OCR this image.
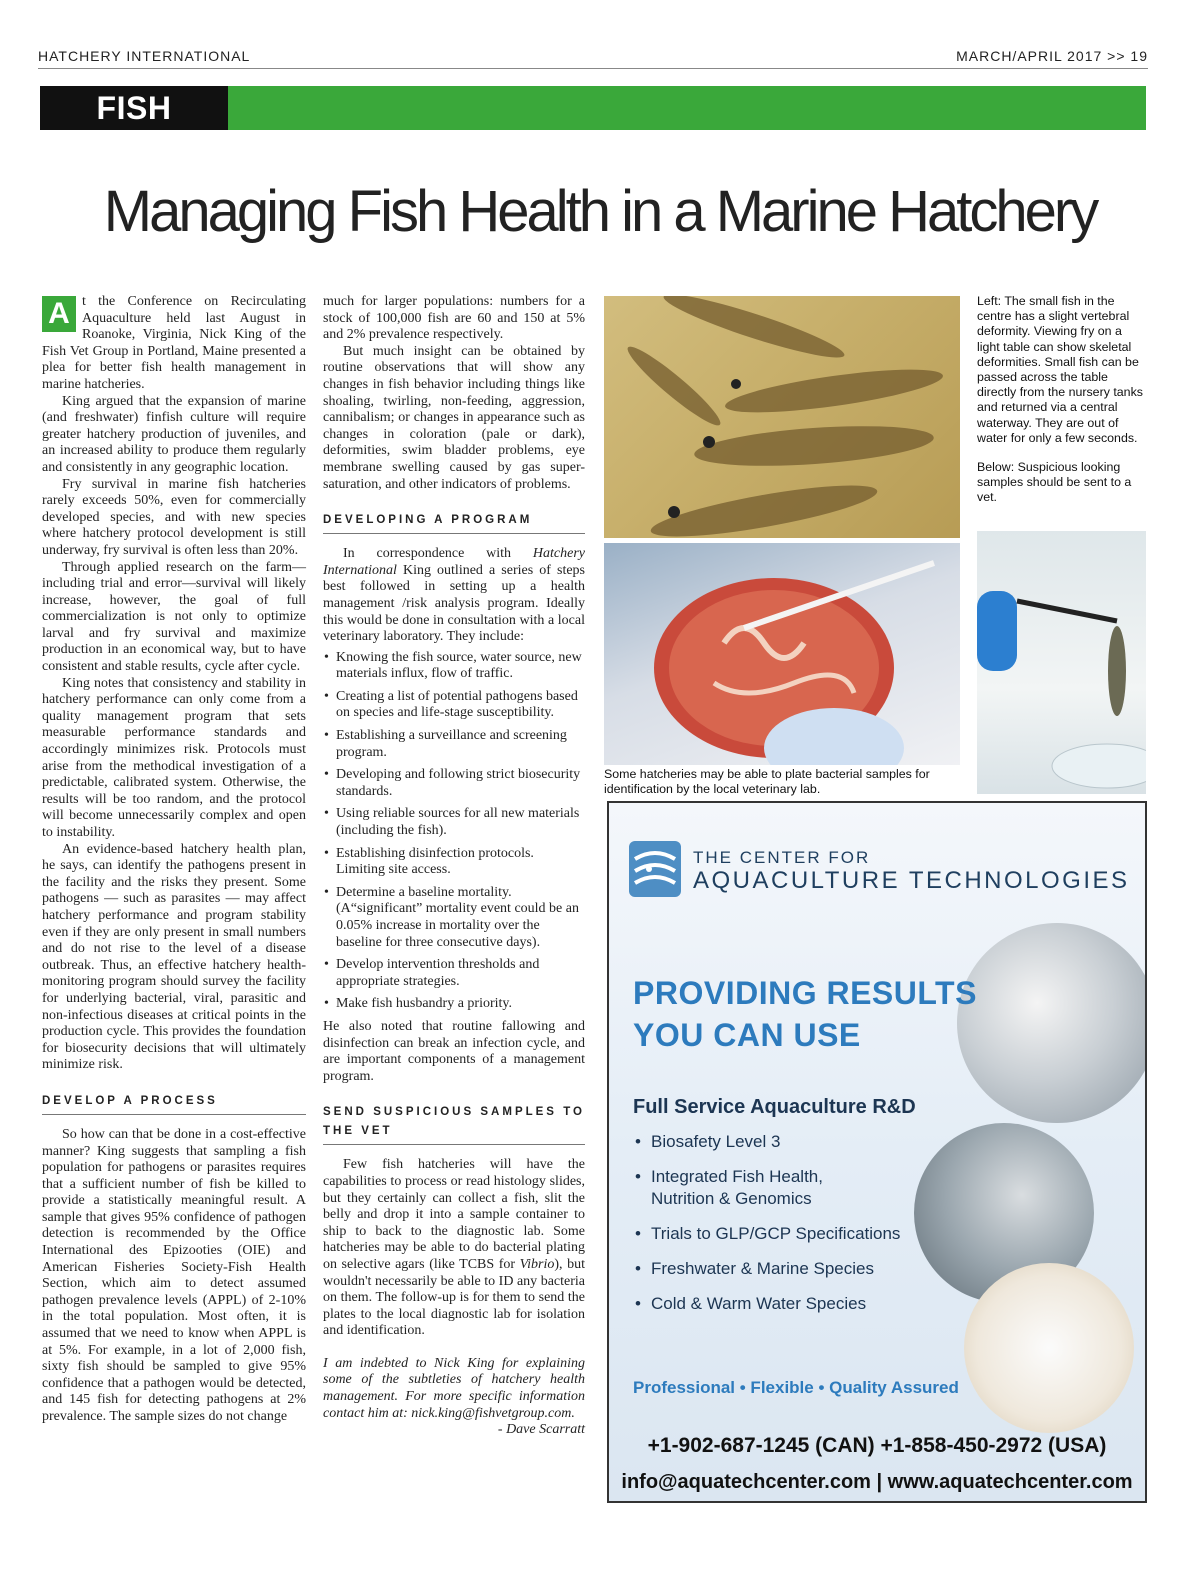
HATCHERY INTERNATIONAL	MARCH/APRIL 2017 >> 19
FISH HEALTH
Managing Fish Health in a Marine Hatchery

A t the Conference on Recirculating Aquaculture held last August in Roanoke, Virginia, Nick King of the Fish Vet Group in Portland, Maine presented a plea for better fish health management in marine hatcheries.

King argued that the expansion of marine (and freshwater) finfish culture will require greater hatchery production of juveniles, and an increased ability to produce them regularly and consistently in any geographic location.

Fry survival in marine fish hatcheries rarely exceeds 50%, even for commercially developed species, and with new species where hatchery protocol development is still underway, fry survival is often less than 20%.

Through applied research on the farm—including trial and error—survival will likely increase, however, the goal of full commercialization is not only to optimize larval and fry survival and maximize production in an economical way, but to have consistent and stable results, cycle after cycle.

King notes that consistency and stability in hatchery performance can only come from a quality management program that sets measurable performance standards and accordingly minimizes risk. Protocols must arise from the methodical investigation of a predictable, calibrated system. Otherwise, the results will be too random, and the protocol will become unnecessarily complex and open to instability.

An evidence-based hatchery health plan, he says, can identify the pathogens present in the facility and the risks they present. Some pathogens — such as parasites — may affect hatchery performance and program stability even if they are only present in small numbers and do not rise to the level of a disease outbreak. Thus, an effective hatchery health-monitoring program should survey the facility for underlying bacterial, viral, parasitic and non-infectious diseases at critical points in the production cycle. This provides the foundation for biosecurity decisions that will ultimately minimize risk.

DEVELOP A PROCESS

So how can that be done in a cost-effective manner? King suggests that sampling a fish population for pathogens or parasites requires that a sufficient number of fish be killed to provide a statistically meaningful result. A sample that gives 95% confidence of pathogen detection is recommended by the Office International des Epizooties (OIE) and American Fisheries Society-Fish Health Section, which aim to detect assumed pathogen prevalence levels (APPL) of 2-10% in the total population. Most often, it is assumed that we need to know when APPL is at 5%. For example, in a lot of 2,000 fish, sixty fish should be sampled to give 95% confidence that a pathogen would be detected, and 145 fish for detecting pathogens at 2% prevalence. The sample sizes do not change

much for larger populations: numbers for a stock of 100,000 fish are 60 and 150 at 5% and 2% prevalence respectively.

But much insight can be obtained by routine observations that will show any changes in fish behavior including things like shoaling, twirling, non-feeding, aggression, cannibalism; or changes in appearance such as changes in coloration (pale or dark), deformities, swim bladder problems, eye membrane swelling caused by gas super-saturation, and other indicators of problems.

DEVELOPING A PROGRAM

In correspondence with Hatchery International King outlined a series of steps best followed in setting up a health management /risk analysis program. Ideally this would be done in consultation with a local veterinary laboratory. They include:

• Knowing the fish source, water source, new materials influx, flow of traffic.
• Creating a list of potential pathogens based on species and life-stage susceptibility.
• Establishing a surveillance and screening program.
• Developing and following strict biosecurity standards.
• Using reliable sources for all new materials (including the fish).
• Establishing disinfection protocols. Limiting site access.
• Determine a baseline mortality. (A“significant” mortality event could be an 0.05% increase in mortality over the baseline for three consecutive days).
• Develop intervention thresholds and appropriate strategies.
• Make fish husbandry a priority.

He also noted that routine fallowing and disinfection can break an infection cycle, and are important components of a management program.

SEND SUSPICIOUS SAMPLES TO THE VET

Few fish hatcheries will have the capabilities to process or read histology slides, but they certainly can collect a fish, slit the belly and drop it into a sample container to ship to back to the diagnostic lab. Some hatcheries may be able to do bacterial plating on selective agars (like TCBS for Vibrio), but wouldn't necessarily be able to ID any bacteria on them. The follow-up is for them to send the plates to the local diagnostic lab for isolation and identification.

I am indebted to Nick King for explaining some of the subtleties of hatchery health management. For more specific information contact him at: nick.king@fishvetgroup.com.

- Dave Scarratt

Left: The small fish in the centre has a slight vertebral deformity. Viewing fry on a light table can show skeletal deformities. Small fish can be passed across the table directly from the nursery tanks and returned via a central waterway. They are out of water for only a few seconds.

Below: Suspicious looking samples should be sent to a vet.

Some hatcheries may be able to plate bacterial samples for identification by the local veterinary lab.
THE CENTER FOR
AQUACULTURE TECHNOLOGIES
PROVIDING RESULTS
YOU CAN USE
Full Service Aquaculture R&D
• Biosafety Level 3
• Integrated Fish Health, Nutrition & Genomics
• Trials to GLP/GCP Specifications
• Freshwater & Marine Species
• Cold & Warm Water Species
Professional • Flexible • Quality Assured
+1-902-687-1245 (CAN) +1-858-450-2972 (USA)
info@aquatechcenter.com | www.aquatechcenter.com
